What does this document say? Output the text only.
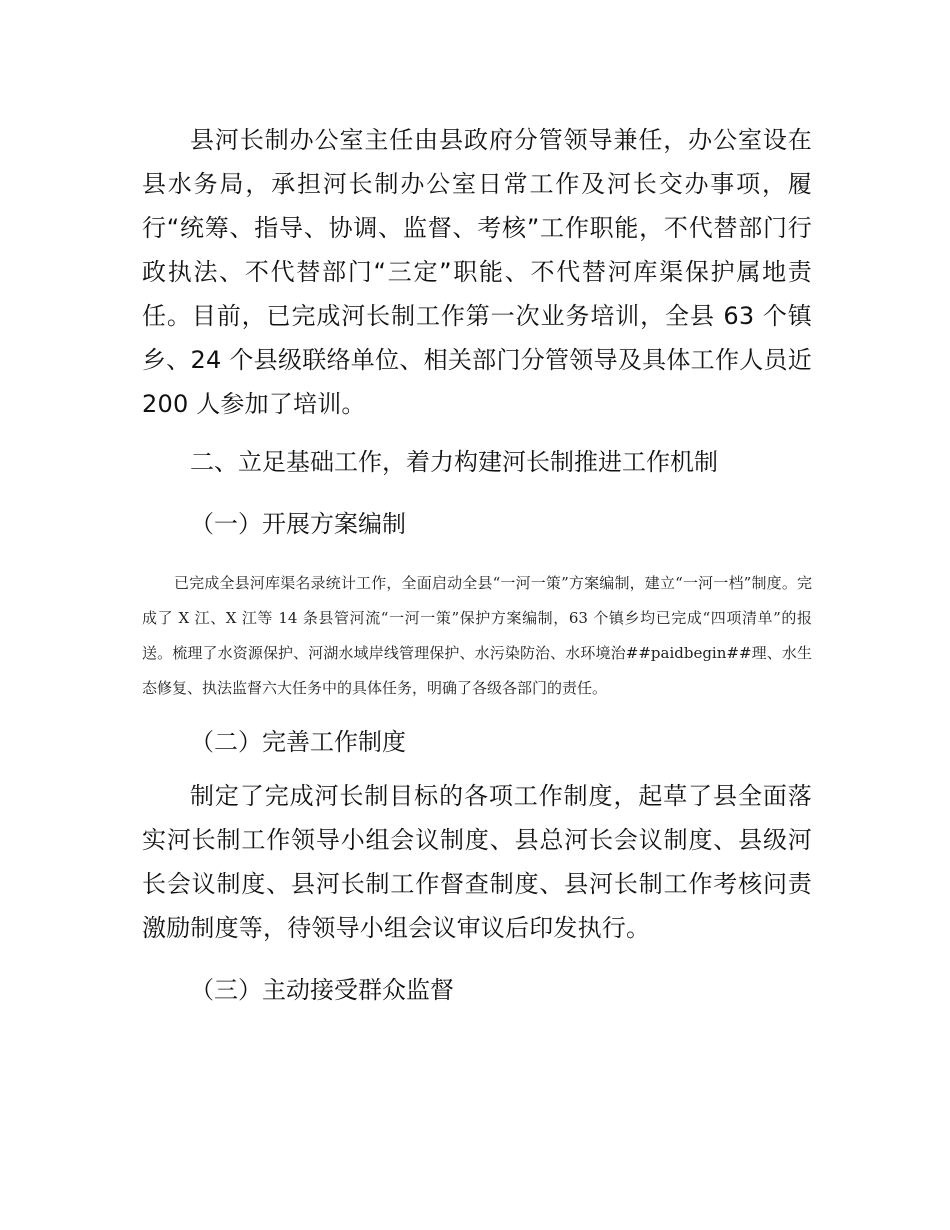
县河长制办公室主任由县政府分管领导兼任，办公室设在县水务局，承担河长制办公室日常工作及河长交办事项，履行“统筹、指导、协调、监督、考核”工作职能，不代替部门行政执法、不代替部门“三定”职能、不代替河库渠保护属地责任。目前，已完成河长制工作第一次业务培训，全县 63 个镇乡、24 个县级联络单位、相关部门分管领导及具体工作人员近 200 人参加了培训。

二、立足基础工作，着力构建河长制推进工作机制

（一）开展方案编制

已完成全县河库渠名录统计工作，全面启动全县“一河一策”方案编制，建立“一河一档”制度。完成了 X 江、X 江等 14 条县管河流“一河一策”保护方案编制，63 个镇乡均已完成“四项清单”的报送。梳理了水资源保护、河湖水域岸线管理保护、水污染防治、水环境治##paidbegin##理、水生态修复、执法监督六大任务中的具体任务，明确了各级各部门的责任。

（二）完善工作制度

制定了完成河长制目标的各项工作制度，起草了县全面落实河长制工作领导小组会议制度、县总河长会议制度、县级河长会议制度、县河长制工作督查制度、县河长制工作考核问责激励制度等，待领导小组会议审议后印发执行。

（三）主动接受群众监督
